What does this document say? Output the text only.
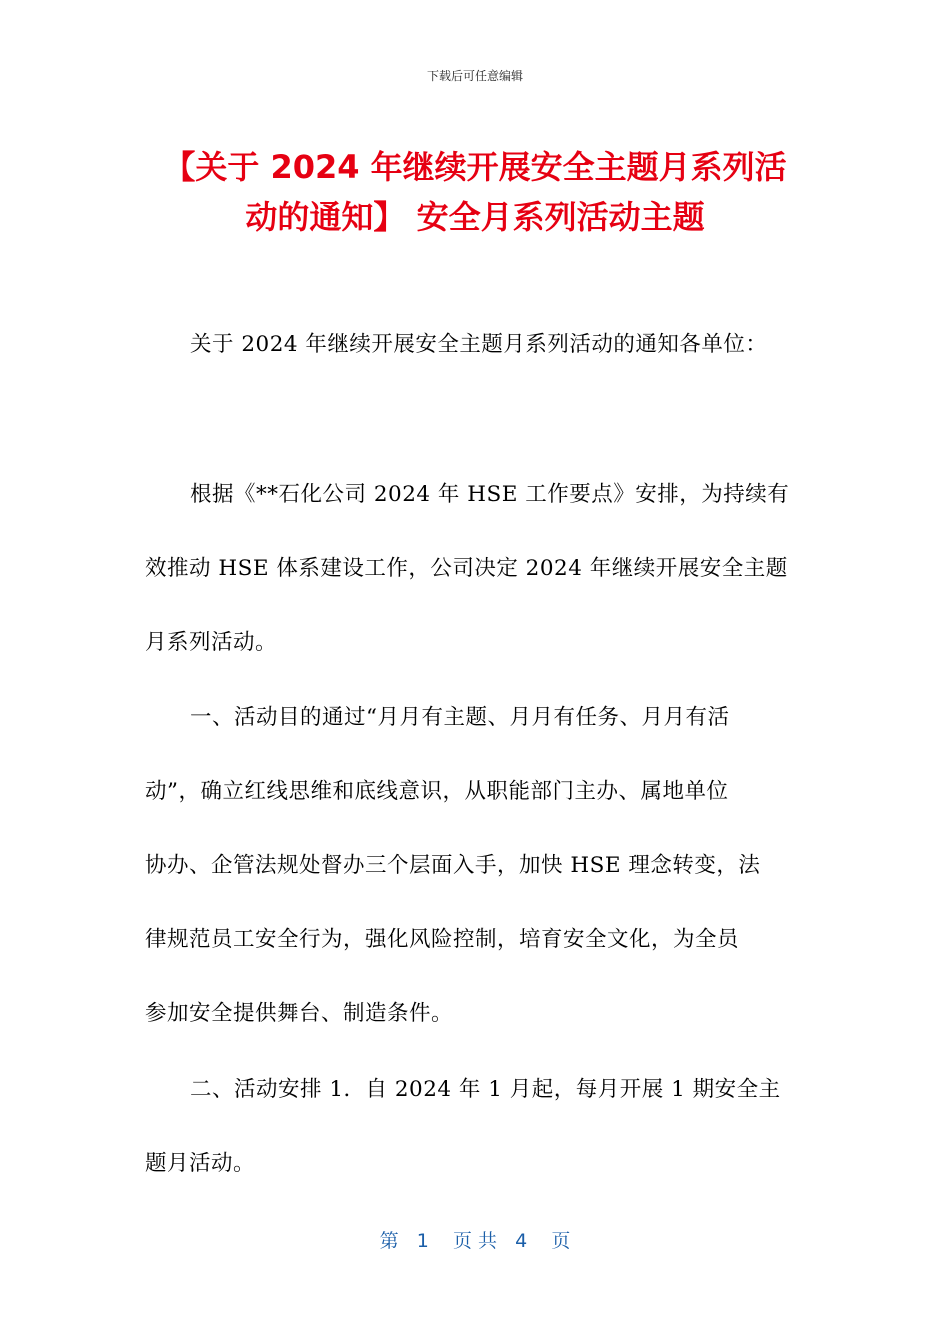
下载后可任意编辑
【关于 2024 年继续开展安全主题月系列活
动的通知】 安全月系列活动主题

关于 2024 年继续开展安全主题月系列活动的通知各单位：

根据《**石化公司 2024 年 HSE 工作要点》安排，为持续有
效推动 HSE 体系建设工作，公司决定 2024 年继续开展安全主题
月系列活动。

一、活动目的通过“月月有主题、月月有任务、月月有活
动”，确立红线思维和底线意识，从职能部门主办、属地单位
协办、企管法规处督办三个层面入手，加快 HSE 理念转变，法
律规范员工安全行为，强化风险控制，培育安全文化，为全员
参加安全提供舞台、制造条件。

二、活动安排 1．自 2024 年 1 月起，每月开展 1 期安全主
题月活动。

第   1    页 共   4    页
